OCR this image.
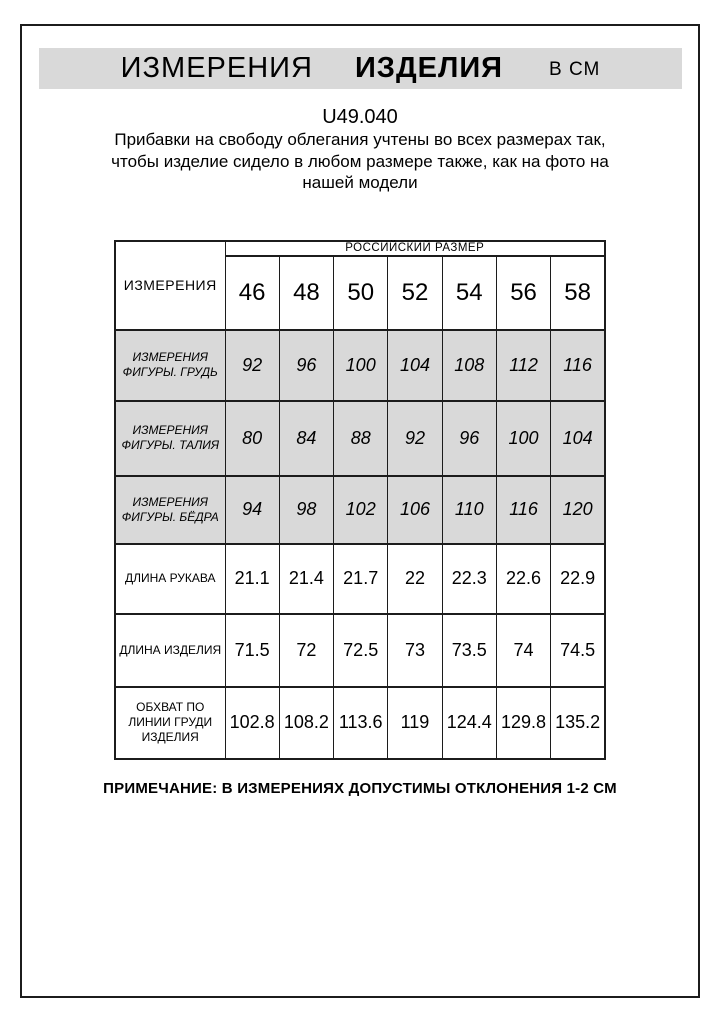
ИЗМЕРЕНИЯ ИЗДЕЛИЯ В СМ
U49.040
Прибавки на свободу облегания учтены во всех размерах так,
чтобы изделие сидело в любом размере также, как на фото на
нашей модели
ИЗМЕРЕНИЯ	РОССИЙСКИЙ РАЗМЕР						
	46	48	50	52	54	56	58
ИЗМЕРЕНИЯ ФИГУРЫ. ГРУДЬ	92	96	100	104	108	112	116
ИЗМЕРЕНИЯ ФИГУРЫ. ТАЛИЯ	80	84	88	92	96	100	104
ИЗМЕРЕНИЯ ФИГУРЫ. БЁДРА	94	98	102	106	110	116	120
ДЛИНА РУКАВА	21.1	21.4	21.7	22	22.3	22.6	22.9
ДЛИНА ИЗДЕЛИЯ	71.5	72	72.5	73	73.5	74	74.5
ОБХВАТ ПО ЛИНИИ ГРУДИ ИЗДЕЛИЯ	102.8	108.2	113.6	119	124.4	129.8	135.2
ПРИМЕЧАНИЕ: В ИЗМЕРЕНИЯХ ДОПУСТИМЫ ОТКЛОНЕНИЯ 1-2 СМ
